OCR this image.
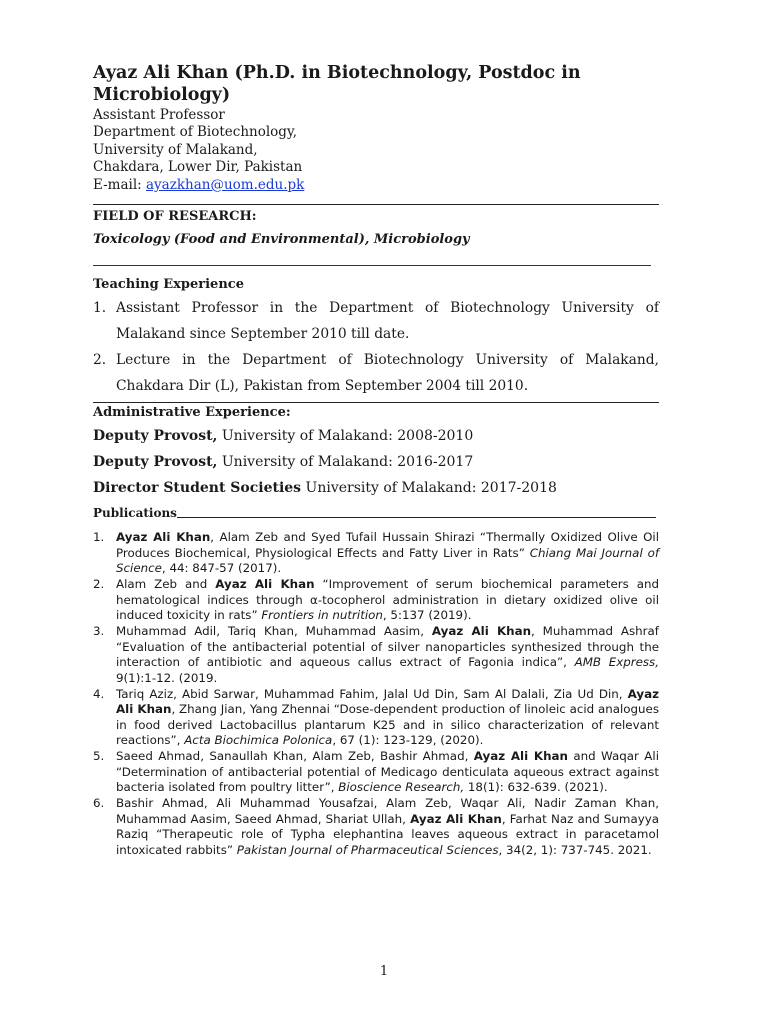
Ayaz Ali Khan (Ph.D. in Biotechnology, Postdoc in
Microbiology)
Assistant Professor
Department of Biotechnology,
University of Malakand,
Chakdara, Lower Dir, Pakistan
E-mail: ayazkhan@uom.edu.pk
FIELD OF RESEARCH:
Toxicology (Food and Environmental), Microbiology
Teaching Experience
1. Assistant Professor in the Department of Biotechnology University of Malakand since September 2010 till date.
2. Lecture in the Department of Biotechnology University of Malakand, Chakdara Dir (L), Pakistan from September 2004 till 2010.
Administrative Experience:
Deputy Provost, University of Malakand: 2008-2010
Deputy Provost, University of Malakand: 2016-2017
Director Student Societies University of Malakand: 2017-2018
Publications
1. Ayaz Ali Khan, Alam Zeb and Syed Tufail Hussain Shirazi “Thermally Oxidized Olive Oil Produces Biochemical, Physiological Effects and Fatty Liver in Rats” Chiang Mai Journal of Science, 44: 847-57 (2017).
2. Alam Zeb and Ayaz Ali Khan “Improvement of serum biochemical parameters and hematological indices through α-tocopherol administration in dietary oxidized olive oil induced toxicity in rats” Frontiers in nutrition, 5:137 (2019).
3. Muhammad Adil, Tariq Khan, Muhammad Aasim, Ayaz Ali Khan, Muhammad Ashraf “Evaluation of the antibacterial potential of silver nanoparticles synthesized through the interaction of antibiotic and aqueous callus extract of Fagonia indica”, AMB Express, 9(1):1-12. (2019.
4. Tariq Aziz, Abid Sarwar, Muhammad Fahim, Jalal Ud Din, Sam Al Dalali, Zia Ud Din, Ayaz Ali Khan, Zhang Jian, Yang Zhennai “Dose-dependent production of linoleic acid analogues in food derived Lactobacillus plantarum K25 and in silico characterization of relevant reactions”, Acta Biochimica Polonica, 67 (1): 123-129, (2020).
5. Saeed Ahmad, Sanaullah Khan, Alam Zeb, Bashir Ahmad, Ayaz Ali Khan and Waqar Ali “Determination of antibacterial potential of Medicago denticulata aqueous extract against bacteria isolated from poultry litter”, Bioscience Research, 18(1): 632-639. (2021).
6. Bashir Ahmad, Ali Muhammad Yousafzai, Alam Zeb, Waqar Ali, Nadir Zaman Khan, Muhammad Aasim, Saeed Ahmad, Shariat Ullah, Ayaz Ali Khan, Farhat Naz and Sumayya Raziq “Therapeutic role of Typha elephantina leaves aqueous extract in paracetamol intoxicated rabbits” Pakistan Journal of Pharmaceutical Sciences, 34(2, 1): 737-745. 2021.
1
